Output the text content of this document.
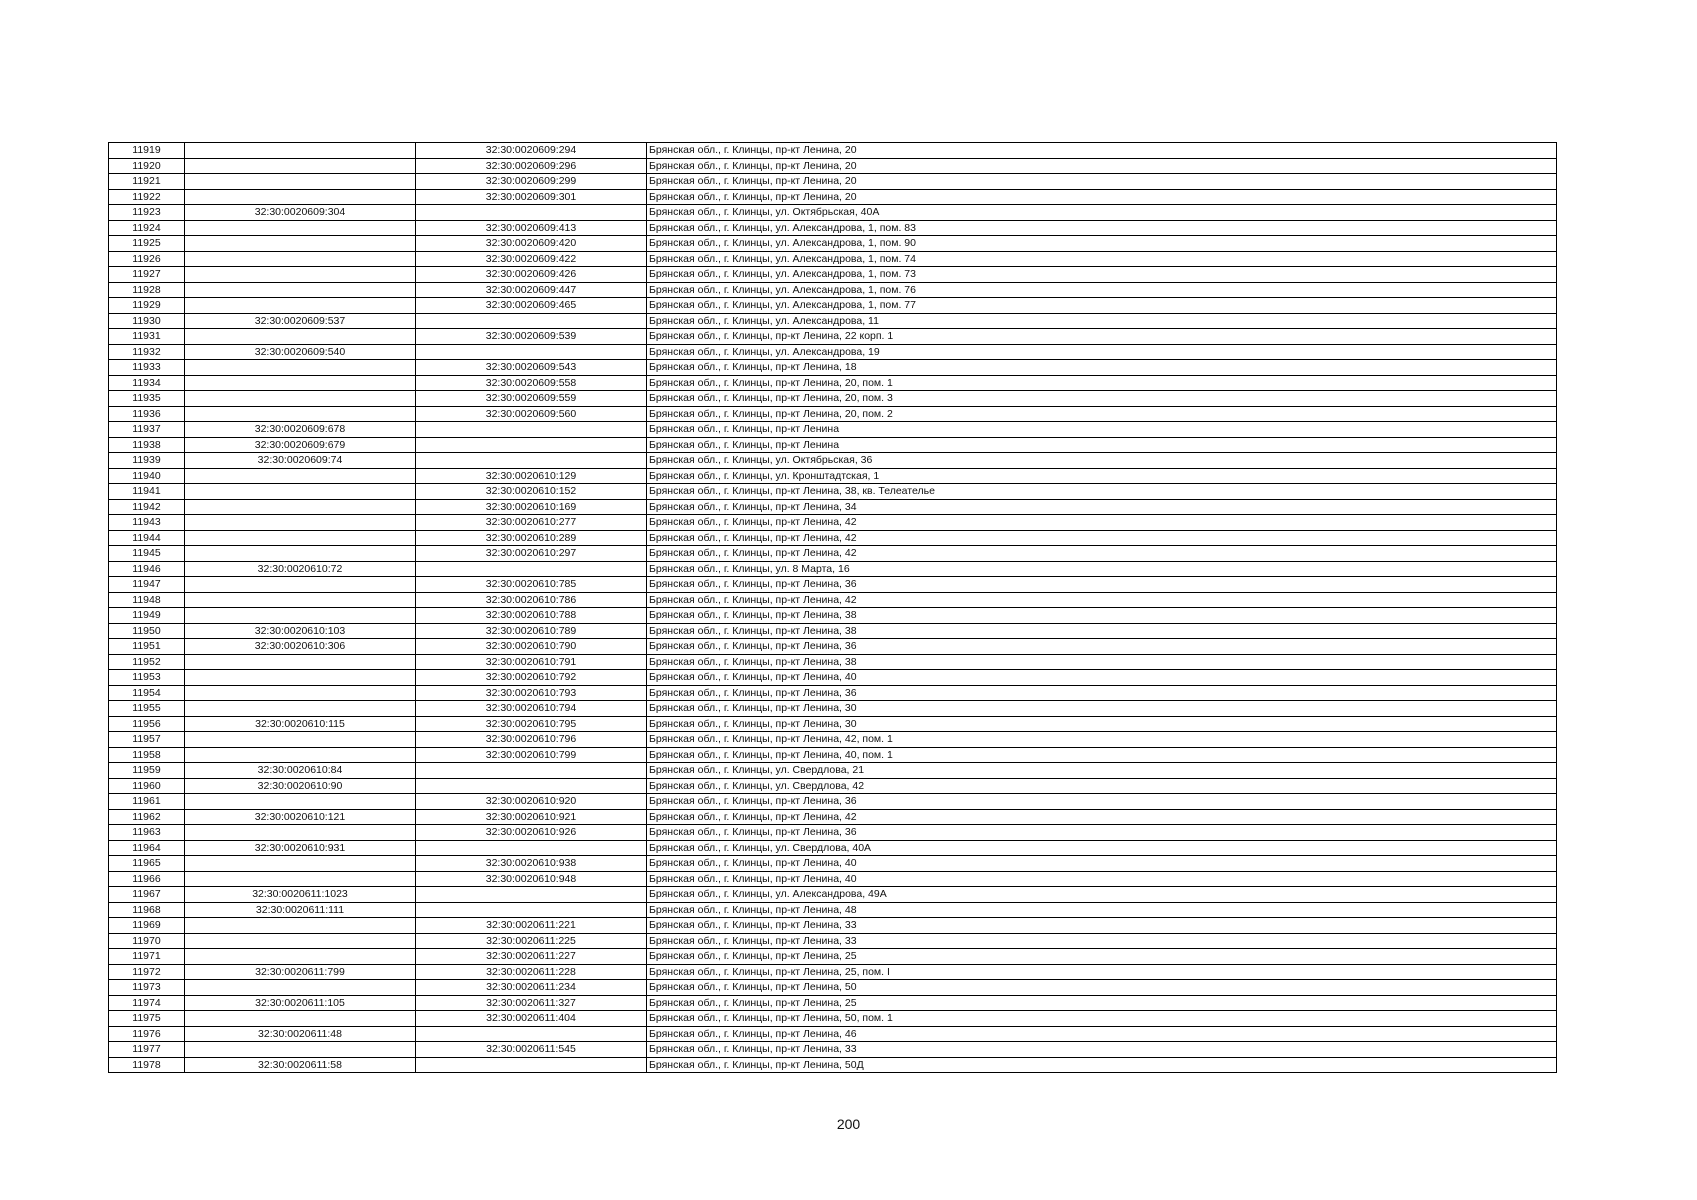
11919		32:30:0020609:294	Брянская обл., г. Клинцы, пр-кт Ленина, 20
11920		32:30:0020609:296	Брянская обл., г. Клинцы, пр-кт Ленина, 20
11921		32:30:0020609:299	Брянская обл., г. Клинцы, пр-кт Ленина, 20
11922		32:30:0020609:301	Брянская обл., г. Клинцы, пр-кт Ленина, 20
11923	32:30:0020609:304		Брянская обл., г. Клинцы, ул. Октябрьская, 40А
11924		32:30:0020609:413	Брянская обл., г. Клинцы, ул. Александрова, 1, пом. 83
11925		32:30:0020609:420	Брянская обл., г. Клинцы, ул. Александрова, 1, пом. 90
11926		32:30:0020609:422	Брянская обл., г. Клинцы, ул. Александрова, 1, пом. 74
11927		32:30:0020609:426	Брянская обл., г. Клинцы, ул. Александрова, 1, пом. 73
11928		32:30:0020609:447	Брянская обл., г. Клинцы, ул. Александрова, 1, пом. 76
11929		32:30:0020609:465	Брянская обл., г. Клинцы, ул. Александрова, 1, пом. 77
11930	32:30:0020609:537		Брянская обл., г. Клинцы, ул. Александрова, 11
11931		32:30:0020609:539	Брянская обл., г. Клинцы, пр-кт Ленина, 22 корп. 1
11932	32:30:0020609:540		Брянская обл., г. Клинцы, ул. Александрова, 19
11933		32:30:0020609:543	Брянская обл., г. Клинцы, пр-кт Ленина, 18
11934		32:30:0020609:558	Брянская обл., г. Клинцы, пр-кт Ленина, 20, пом. 1
11935		32:30:0020609:559	Брянская обл., г. Клинцы, пр-кт Ленина, 20, пом. 3
11936		32:30:0020609:560	Брянская обл., г. Клинцы, пр-кт Ленина, 20, пом. 2
11937	32:30:0020609:678		Брянская обл., г. Клинцы, пр-кт Ленина
11938	32:30:0020609:679		Брянская обл., г. Клинцы, пр-кт Ленина
11939	32:30:0020609:74		Брянская обл., г. Клинцы, ул. Октябрьская, 36
11940		32:30:0020610:129	Брянская обл., г. Клинцы, ул. Кронштадтская, 1
11941		32:30:0020610:152	Брянская обл., г. Клинцы, пр-кт Ленина, 38, кв. Телеателье
11942		32:30:0020610:169	Брянская обл., г. Клинцы, пр-кт Ленина, 34
11943		32:30:0020610:277	Брянская обл., г. Клинцы, пр-кт Ленина, 42
11944		32:30:0020610:289	Брянская обл., г. Клинцы, пр-кт Ленина, 42
11945		32:30:0020610:297	Брянская обл., г. Клинцы, пр-кт Ленина, 42
11946	32:30:0020610:72		Брянская обл., г. Клинцы, ул. 8 Марта, 16
11947		32:30:0020610:785	Брянская обл., г. Клинцы, пр-кт Ленина, 36
11948		32:30:0020610:786	Брянская обл., г. Клинцы, пр-кт Ленина, 42
11949		32:30:0020610:788	Брянская обл., г. Клинцы, пр-кт Ленина, 38
11950	32:30:0020610:103	32:30:0020610:789	Брянская обл., г. Клинцы, пр-кт Ленина, 38
11951	32:30:0020610:306	32:30:0020610:790	Брянская обл., г. Клинцы, пр-кт Ленина, 36
11952		32:30:0020610:791	Брянская обл., г. Клинцы, пр-кт Ленина, 38
11953		32:30:0020610:792	Брянская обл., г. Клинцы, пр-кт Ленина, 40
11954		32:30:0020610:793	Брянская обл., г. Клинцы, пр-кт Ленина, 36
11955		32:30:0020610:794	Брянская обл., г. Клинцы, пр-кт Ленина, 30
11956	32:30:0020610:115	32:30:0020610:795	Брянская обл., г. Клинцы, пр-кт Ленина, 30
11957		32:30:0020610:796	Брянская обл., г. Клинцы, пр-кт Ленина, 42, пом. 1
11958		32:30:0020610:799	Брянская обл., г. Клинцы, пр-кт Ленина, 40, пом. 1
11959	32:30:0020610:84		Брянская обл., г. Клинцы, ул. Свердлова, 21
11960	32:30:0020610:90		Брянская обл., г. Клинцы, ул. Свердлова, 42
11961		32:30:0020610:920	Брянская обл., г. Клинцы, пр-кт Ленина, 36
11962	32:30:0020610:121	32:30:0020610:921	Брянская обл., г. Клинцы, пр-кт Ленина, 42
11963		32:30:0020610:926	Брянская обл., г. Клинцы, пр-кт Ленина, 36
11964	32:30:0020610:931		Брянская обл., г. Клинцы, ул. Свердлова, 40А
11965		32:30:0020610:938	Брянская обл., г. Клинцы, пр-кт Ленина, 40
11966		32:30:0020610:948	Брянская обл., г. Клинцы, пр-кт Ленина, 40
11967	32:30:0020611:1023		Брянская обл., г. Клинцы, ул. Александрова, 49А
11968	32:30:0020611:111		Брянская обл., г. Клинцы, пр-кт Ленина, 48
11969		32:30:0020611:221	Брянская обл., г. Клинцы, пр-кт Ленина, 33
11970		32:30:0020611:225	Брянская обл., г. Клинцы, пр-кт Ленина, 33
11971		32:30:0020611:227	Брянская обл., г. Клинцы, пр-кт Ленина, 25
11972	32:30:0020611:799	32:30:0020611:228	Брянская обл., г. Клинцы, пр-кт Ленина, 25, пом. I
11973		32:30:0020611:234	Брянская обл., г. Клинцы, пр-кт Ленина, 50
11974	32:30:0020611:105	32:30:0020611:327	Брянская обл., г. Клинцы, пр-кт Ленина, 25
11975		32:30:0020611:404	Брянская обл., г. Клинцы, пр-кт Ленина, 50, пом. 1
11976	32:30:0020611:48		Брянская обл., г. Клинцы, пр-кт Ленина, 46
11977		32:30:0020611:545	Брянская обл., г. Клинцы, пр-кт Ленина, 33
11978	32:30:0020611:58		Брянская обл., г. Клинцы, пр-кт Ленина, 50Д
200
